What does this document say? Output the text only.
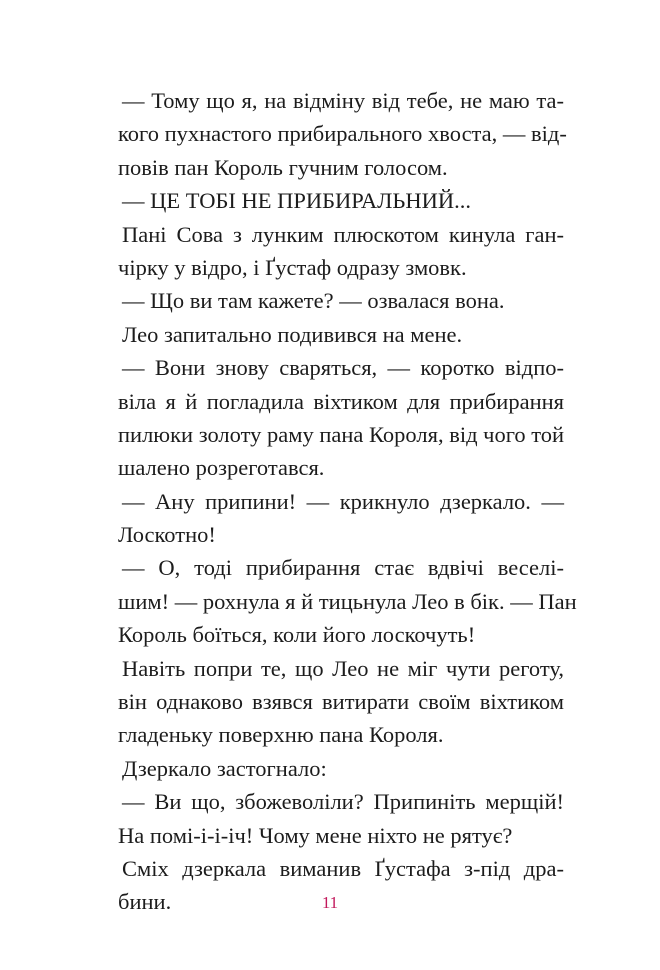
— Тому що я, на відміну від тебе, не маю та-
кого пухнастого прибирального хвоста, — від-
повів пан Король гучним голосом.
— ЦЕ ТОБІ НЕ ПРИБИРАЛЬНИЙ...
Пані Сова з лунким плюскотом кинула ган-
чірку у відро, і Ґустаф одразу змовк.
— Що ви там кажете? — озвалася вона.
Лео запитально подивився на мене.
— Вони знову сваряться, — коротко відпо-
віла я й погладила віхтиком для прибирання
пилюки золоту раму пана Короля, від чого той
шалено розреготався.
— Ану припини! — крикнуло дзеркало. —
Лоскотно!
— О, тоді прибирання стає вдвічі веселі-
шим! — рохнула я й тицьнула Лео в бік. — Пан
Король боїться, коли його лоскочуть!
Навіть попри те, що Лео не міг чути реготу,
він однаково взявся витирати своїм віхтиком
гладеньку поверхню пана Короля.
Дзеркало застогнало:
— Ви що, збожеволіли? Припиніть мерщій!
На помі-і-і-іч! Чому мене ніхто не рятує?
Сміх дзеркала виманив Ґустафа з-під дра-
бини.	11
